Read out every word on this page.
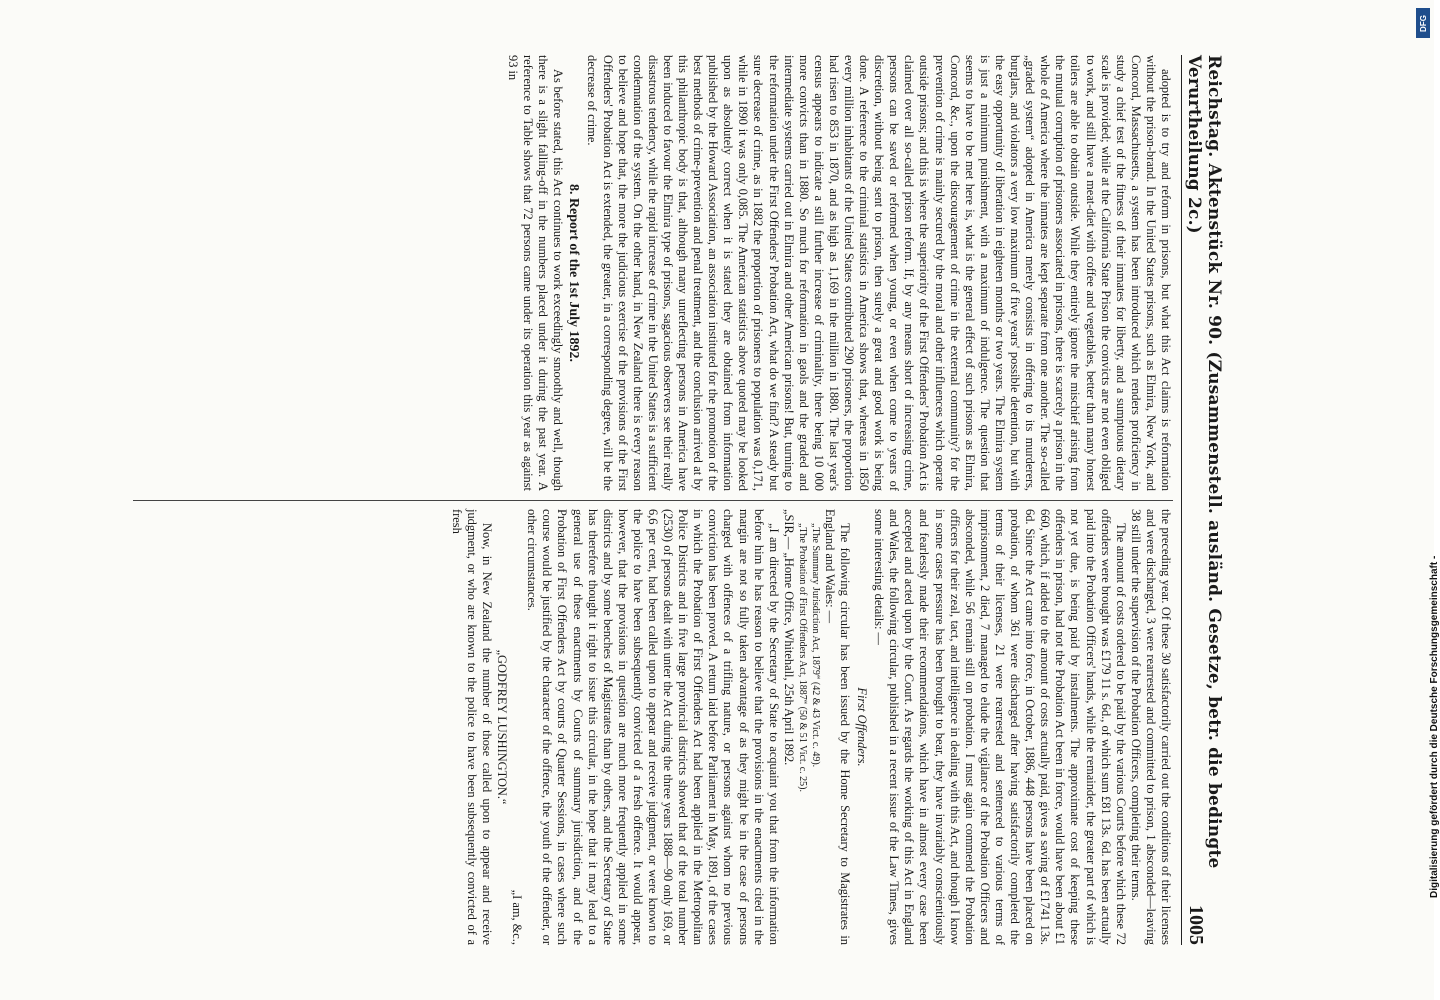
Reichstag. Aktenstück Nr. 90. (Zusammenstell. ausländ. Gesetze, betr. die bedingte Verurtheilung 2c.)
1005

adopted is to try and reform in prisons, but what this Act claims is reformation without the prison-brand. In the United States prisons, such as Elmira, New York, and Concord, Massachusetts, a system has been introduced which renders proficiency in study a chief test of the fitness of their inmates for liberty, and a sumptuous dietary scale is provided; while at the California State Prison the convicts are not even obliged to work, and still have a meat-diet with coffee and vegetables, better than many honest toilers are able to obtain outside. While they entirely ignore the mischief arising from the mutual corruption of prisoners associated in prisons, there is scarcely a prison in the whole of America where the inmates are kept separate from one another. The so-called „graded system“ adopted in America merely consists in offering to its murderers, burglars, and violators a very low maximum of five years' possible detention, but with the easy opportunity of liberation in eighteen months or two years. The Elmira system is just a minimum punishment, with a maximum of indulgence. The question that seems to have to be met here is, what is the general effect of such prisons as Elmira, Concord, &c., upon the discouragement of crime in the external community? for the prevention of crime is mainly secured by the moral and other influences which operate outside prisons; and this is where the superiority of the First Offenders' Probation Act is claimed over all so-called prison reform. If, by any means short of increasing crime, persons can be saved or reformed when young, or even when come to years of discretion, without being sent to prison, then surely a great and good work is being done. A reference to the criminal statistics in America shows that, whereas in 1850 every million inhabitants of the United States contributed 290 prisoners, the proportion had risen to 853 in 1870, and as high as 1,169 in the million in 1880. The last year's census appears to indicate a still further increase of criminality, there being 10 000 more convicts than in 1880. So much for reformation in gaols and the graded and intermediate systems carried out in Elmira and other American prisons! But, turning to the reformation under the First Offenders' Probation Act, what do we find? A steady but sure decrease of crime, as in 1882 the proportion of prisoners to population was 0,171, while in 1890 it was only 0,085. The American statistics above quoted may be looked upon as absolutely correct when it is stated they are obtained from information published by the Howard Association, an association instituted for the promotion of the best methods of crime-prevention and penal treatment, and the conclusion arrived at by this philanthropic body is that, although many unreflecting persons in America have been induced to favour the Elmira type of prisons, sagacious observers see their really disastrous tendency, while the rapid increase of crime in the United States is a sufficient condemnation of the system. On the other hand, in New Zealand there is every reason to believe and hope that, the more the judicious exercise of the provisions of the First Offenders' Probation Act is extended, the greater, in a corresponding degree, will be the decrease of crime.

8. Report of the 1st July 1892.

As before stated, this Act continues to work exceedingly smoothly and well, though there is a slight falling-off in the numbers placed under it during the past year. A reference to Table shows that 72 persons came under its operation this year as against 93 in

the preceding year. Of these 30 satisfactorily carried out the conditions of their licenses and were discharged, 3 were rearrested and committed to prison, 1 absconded—leaving 38 still under the supervision of the Probation Officers, completing their terms.

The amount of costs ordered to be paid by the various Courts before which these 72 offenders were brought was £179 11 s. 6d., of which sum £81 13s. 6d. has been actually paid into the Probation Officers' hands, while the remainder, the greater part of which is not yet due, is being paid by instalments. The approximate cost of keeping these offenders in prison, had not the Probation Act been in force, would have been about £1 660, which, if added to the amount of costs actually paid, gives a saving of £1741 13s. 6d. Since the Act came into force, in October, 1886, 448 persons have been placed on probation, of whom 361 were discharged after having satisfactorily completed the terms of their licenses, 21 were rearrested and sentenced to various terms of imprisonment, 2 died, 7 managed to elude the vigilance of the Probation Officers and absconded, while 56 remain still on probation. I must again commend the Probation officers for their zeal, tact, and intelligence in dealing with this Act, and though I know in some cases pressure has been brought to bear, they have invariably conscientiously and fearlessly made their recommendations, which have in almost every case been accepted and acted upon by the Court. As regards the working of this Act in England and Wales, the following circular, published in a recent issue of the Law Times, gives some interesting details: —

First Offenders.

The following circular has been issued by the Home Secretary to Magistrates in England and Wales: —

„The Summary Jurisdiction Act, 1879“ (42 & 43 Vict. c. 49).

„The Probation of First Offenders Act, 1887“ (50 & 51 Vict. c. 25).

„SIR,— „Home Office, Whitehall, 25th April 1892.

„I am directed by the Secretary of State to acquaint you that from the information before him he has reason to believe that the provisions in the enactments cited in the margin are not so fully taken advantage of as they might be in the case of persons charged with offences of a trifling nature, or persons against whom no previous conviction has been proved. A return laid before Parliament in May, 1891, of the cases in which the Probation of First Offenders Act had been applied in the Metropolitan Police Districts and in five large provincial districts showed that of the total number (2530) of persons dealt with unter the Act during the three years 1888—90 only 169, or 6,6 per cent, had been called upon to appear and receive judgment, or were known to the police to have been subsequently convicted of a fresh offence. It would appear, however, that the provisions in question are much more frequently applied in some districts and by some benches of Magistrates than by others, and the Secretary of State has therefore thought it right to issue this circular, in the hope that it may lead to a general use of these enactments by Courts of summary jurisdiction, and of the Probation of First Offenders Act by courts of Quarter Sessions, in cases where such course would be justified by the character of the offence, the youth of the offender, or other circumstances.

„I am, &c.,
„GODFREY LUSHINGTON.“

Now, in New Zealand the number of those called upon to appear and receive judgment, or who are known to the police to have been subsequently convicted of a fresh

DFG
Digitalisierung gefördert durch die Deutsche Forschungsgemeinschaft -
